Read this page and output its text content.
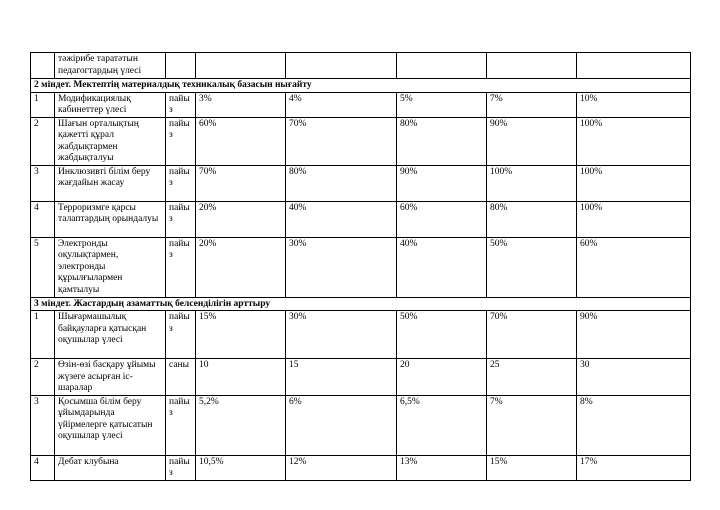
	тәжірибе таратәтын педагогтардың үлесі						
2 міндет. Мектептің материалдық техникалық базасын нығайту							
1	Модификациялық кабинеттер үлесі	пайыз	3%	4%	5%	7%	10%
2	Шағын орталықтың қажетті құрал жабдықтармен жабдықталуы	пайыз	60%	70%	80%	90%	100%
3	Инклюзивті білім беру жағдайын жасау	пайыз	70%	80%	90%	100%	100%
4	Терроризмге қарсы талаптардың орындалуы	пайыз	20%	40%	60%	80%	100%
5	Электронды оқулықтармен, электронды құрылғылармен қамтылуы	пайыз	20%	30%	40%	50%	60%
3 міндет. Жастардың азаматтық белсенділігін арттыру							
1	Шығармашылық байқауларға қатысқан оқушылар үлесі	пайыз	15%	30%	50%	70%	90%
2	Өзін-өзі басқару ұйымы жүзеге асырған іс-шаралар	саны	10	15	20	25	30
3	Қосымша білім беру ұйымдарында үйірмелерге қатысатын оқушылар үлесі	пайыз	5,2%	6%	6,5%	7%	8%
4	Дебат клубына	пайыз	10,5%	12%	13%	15%	17%
